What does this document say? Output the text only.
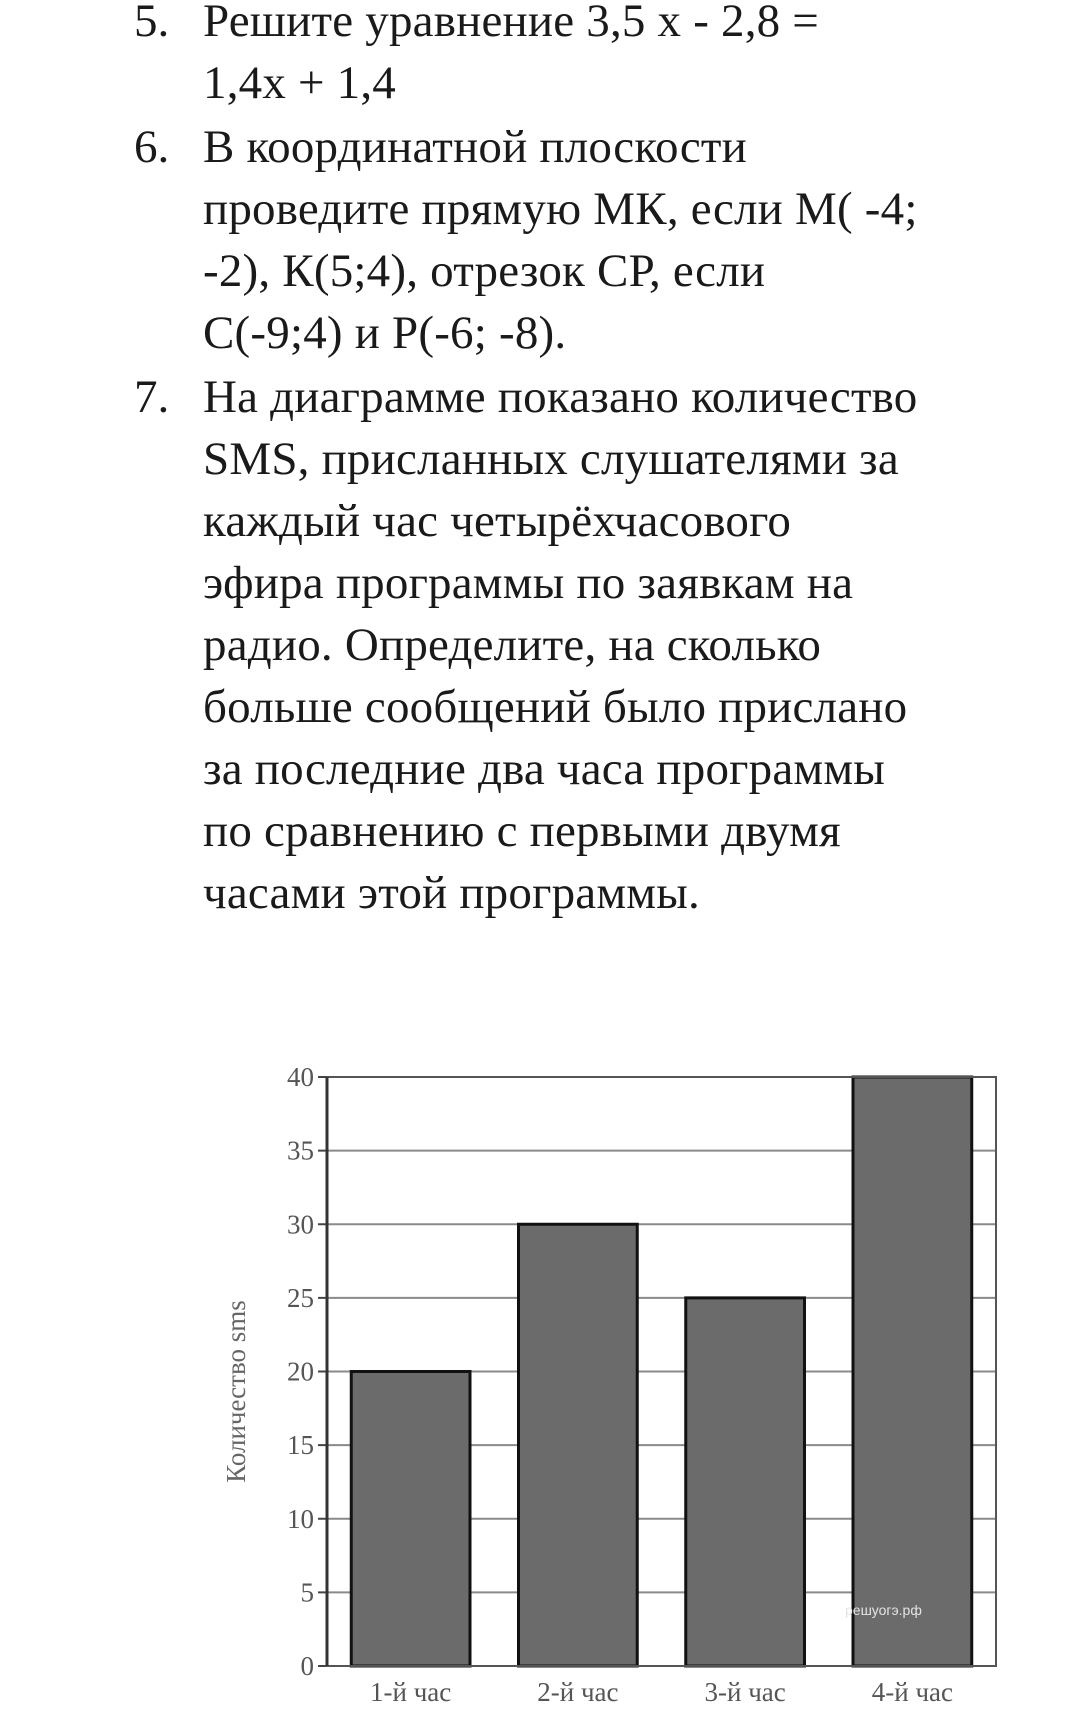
5. Решите уравнение 3,5 х - 2,8 =
1,4х + 1,4

6. В координатной плоскости
проведите прямую МК, если М( -4;
-2), К(5;4), отрезок СР, если
С(-9;4) и Р(-6; -8).

7. На диаграмме показано количество
SMS, присланных слушателями за
каждый час четырёхчасового
эфира программы по заявкам на
радио. Определите, на сколько
больше сообщений было прислано
за последние два часа программы
по сравнению с первыми двумя
часами этой программы.
0
5
10
15
20
25
30
35
40
1-й час	2-й час	3-й час	4-й час
Количество sms
решуогэ.рф
